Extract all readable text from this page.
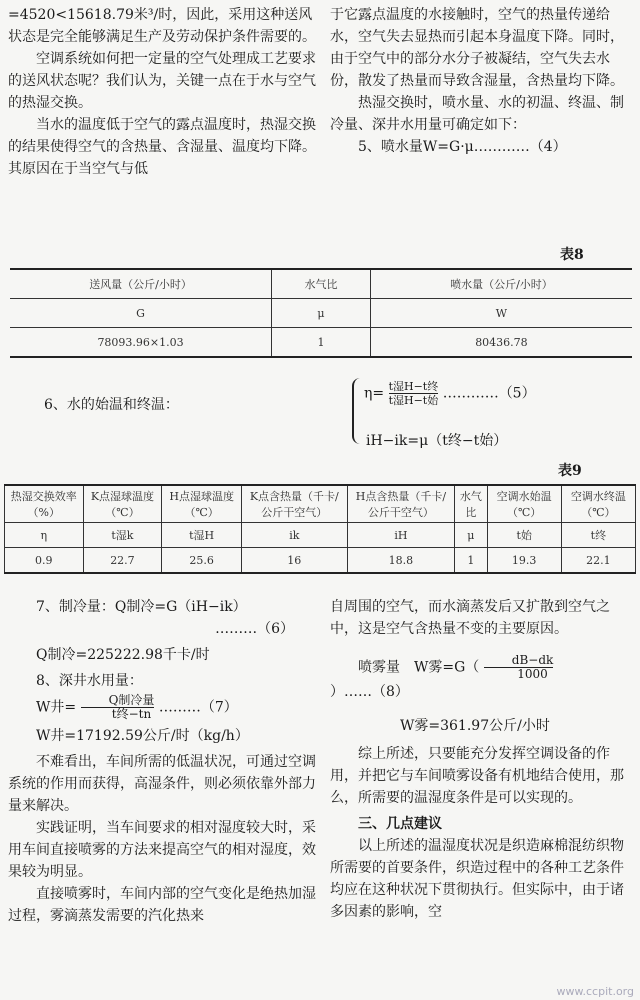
=4520<15618.79米³/时，因此，采用这种送风状态是完全能够满足生产及劳动保护条件需要的。

空调系统如何把一定量的空气处理成工艺要求的送风状态呢？我们认为，关键一点在于水与空气的热湿交换。

当水的温度低于空气的露点温度时，热湿交换的结果使得空气的含热量、含湿量、温度均下降。其原因在于当空气与低

于它露点温度的水接触时，空气的热量传递给水，空气失去显热而引起本身温度下降。同时，由于空气中的部分水分子被凝结，空气失去水份，散发了热量而导致含湿量，含热量均下降。

热湿交换时，喷水量、水的初温、终温、制冷量、深井水用量可确定如下：

5、喷水量W=G·μ…………（4）

表8
送风量（公斤/小时）	水气比	喷水量（公斤/小时）
G	μ	W
78093.96×1.03	1	80436.78
6、水的始温和终温：
$\eta= \frac{\text{t湿H−t终}}{\text{t湿H−t始}}$ …………（5）
iH−ik=μ（t终−t始）
表9
热湿交换效率（%）	K点湿球温度（℃）	H点湿球温度（℃）	K点含热量（千卡/公斤干空气）	H点含热量（千卡/公斤干空气）	水气比	空调水始温（℃）	空调水终温（℃）
η	t湿k	t湿H	ik	iH	μ	t始	t终
0.9	22.7	25.6	16	18.8	1	19.3	22.1

7、制冷量：Q制冷=G（iH−ik）

………（6）

Q制冷=225222.98千卡/时

8、深井水用量：

W井= $\frac{\text{Q制冷量}}{\text{t终−tn}}$ ………（7）

W井=17192.59公斤/时（kg/h）

不难看出，车间所需的低温状况，可通过空调系统的作用而获得，高湿条件，则必须依靠外部力量来解决。

实践证明，当车间要求的相对湿度较大时，采用车间直接喷雾的方法来提高空气的相对湿度，效果较为明显。

直接喷雾时，车间内部的空气变化是绝热加湿过程，雾滴蒸发需要的汽化热来

自周围的空气，而水滴蒸发后又扩散到空气之中，这是空气含热量不变的主要原因。

喷雾量　W雾$=G( \frac{dB-dk}{1000}$
）……（8）

W雾=361.97公斤/小时

综上所述，只要能充分发挥空调设备的作用，并把它与车间喷雾设备有机地结合使用，那么，所需要的温湿度条件是可以实现的。

三、几点建议

以上所述的温湿度状况是织造麻棉混纺织物所需要的首要条件，织造过程中的各种工艺条件均应在这种状况下贯彻执行。但实际中，由于诸多因素的影响，空

www.ccpit.org
